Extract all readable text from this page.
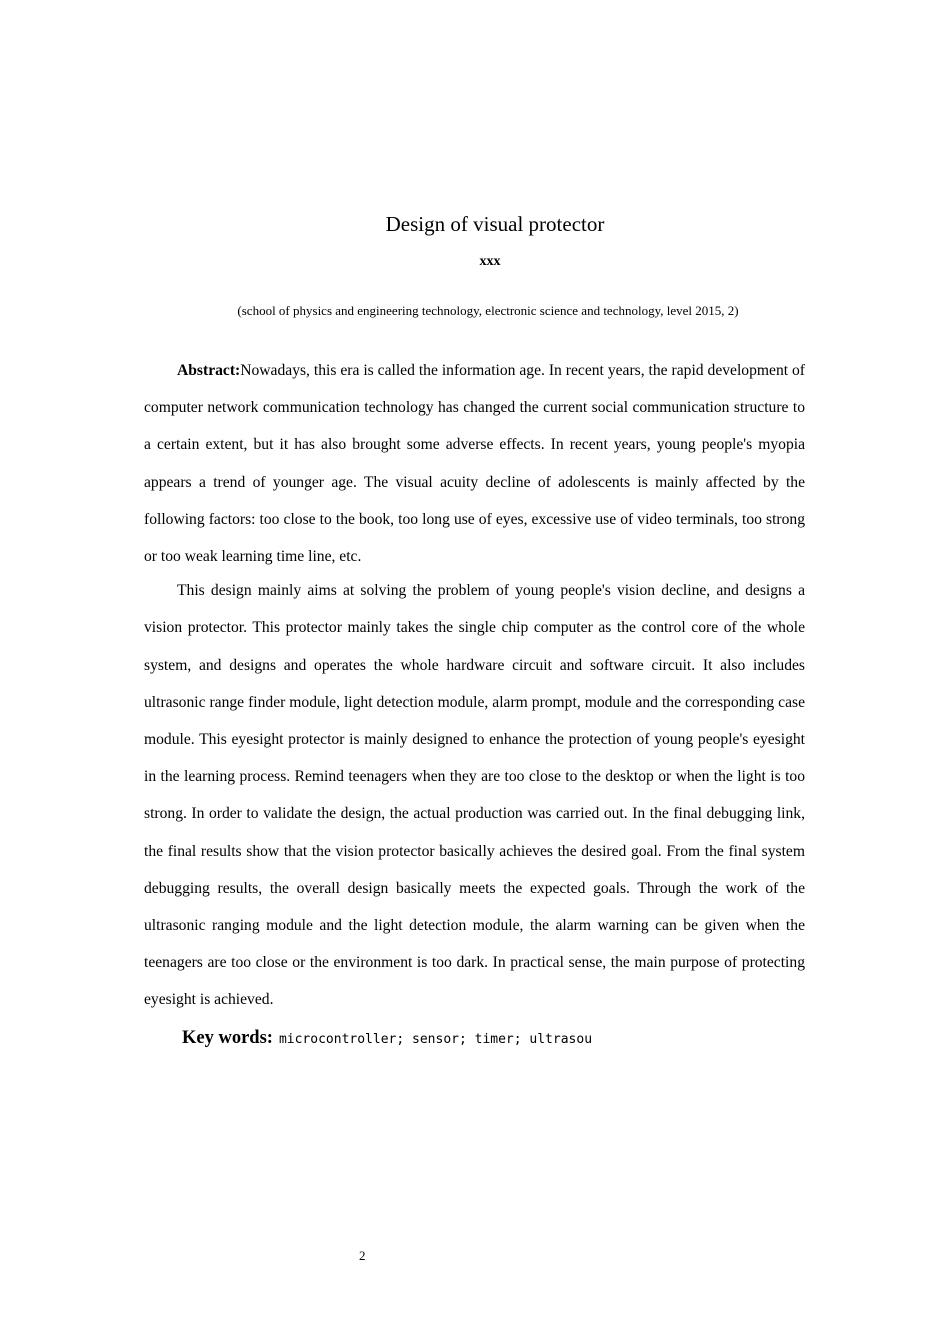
Design of visual protector
xxx
(school of physics and engineering technology, electronic science and technology, level 2015, 2)

Abstract:Nowadays, this era is called the information age. In recent years, the rapid development of computer network communication technology has changed the current social communication structure to a certain extent, but it has also brought some adverse effects. In recent years, young people's myopia appears a trend of younger age. The visual acuity decline of adolescents is mainly affected by the following factors: too close to the book, too long use of eyes, excessive use of video terminals, too strong or too weak learning time line, etc.

This design mainly aims at solving the problem of young people's vision decline, and designs a vision protector. This protector mainly takes the single chip computer as the control core of the whole system, and designs and operates the whole hardware circuit and software circuit. It also includes ultrasonic range finder module, light detection module, alarm prompt, module and the corresponding case module. This eyesight protector is mainly designed to enhance the protection of young people's eyesight in the learning process. Remind teenagers when they are too close to the desktop or when the light is too strong. In order to validate the design, the actual production was carried out. In the final debugging link, the final results show that the vision protector basically achieves the desired goal. From the final system debugging results, the overall design basically meets the expected goals. Through the work of the ultrasonic ranging module and the light detection module, the alarm warning can be given when the teenagers are too close or the environment is too dark. In practical sense, the main purpose of protecting eyesight is achieved.

Key words: microcontroller; sensor; timer; ultrasou
2
